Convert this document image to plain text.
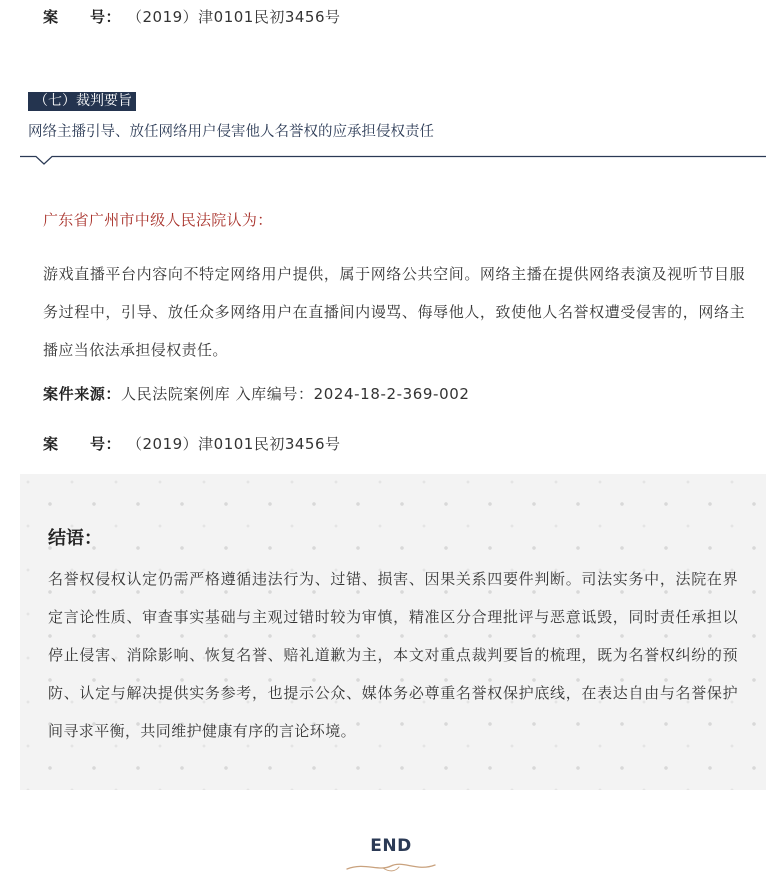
案 号： （2019）津0101民初3456号
（七）裁判要旨
网络主播引导、放任网络用户侵害他人名誉权的应承担侵权责任
广东省广州市中级人民法院认为：

游戏直播平台内容向不特定网络用户提供，属于网络公共空间。网络主播在提供网络表演及视听节目服务过程中，引导、放任众多网络用户在直播间内谩骂、侮辱他人，致使他人名誉权遭受侵害的，网络主播应当依法承担侵权责任。

案件来源：人民法院案例库 入库编号：2024-18-2-369-002
案 号： （2019）津0101民初3456号
结语：

名誉权侵权认定仍需严格遵循违法行为、过错、损害、因果关系四要件判断。司法实务中，法院在界定言论性质、审查事实基础与主观过错时较为审慎，精准区分合理批评与恶意诋毁，同时责任承担以停止侵害、消除影响、恢复名誉、赔礼道歉为主，本文对重点裁判要旨的梳理，既为名誉权纠纷的预防、认定与解决提供实务参考，也提示公众、媒体务必尊重名誉权保护底线，在表达自由与名誉保护间寻求平衡，共同维护健康有序的言论环境。

END
